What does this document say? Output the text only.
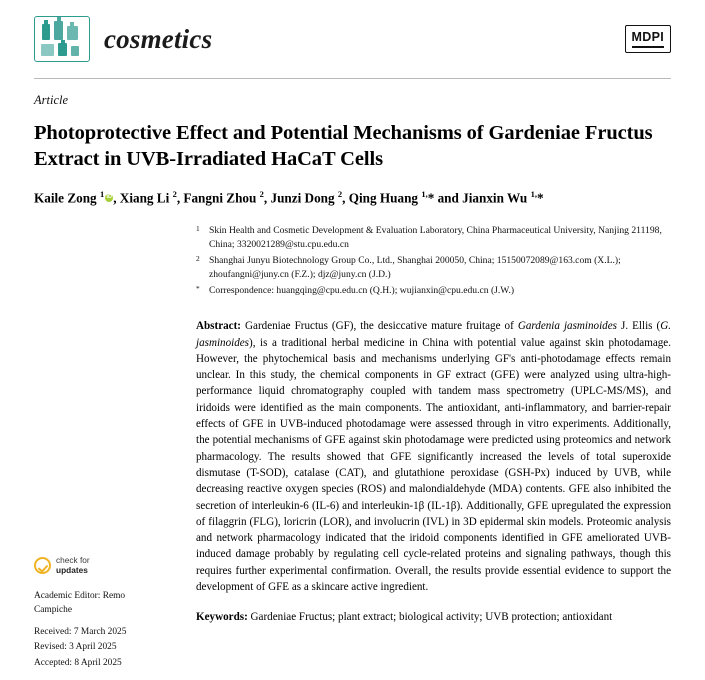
cosmetics	MDPI
Article
Photoprotective Effect and Potential Mechanisms of Gardeniae Fructus Extract in UVB-Irradiated HaCaT Cells
Kaile Zong $^1$ iD , Xiang Li $^2$, Fangni Zhou $^2$, Junzi Dong $^2$, Qing Huang $^{1,}$* and Jianxin Wu $^{1,}$*
$^1$ Skin Health and Cosmetic Development & Evaluation Laboratory, China Pharmaceutical University, Nanjing 211198, China; 3320021289@stu.cpu.edu.cn
$^2$ Shanghai Junyu Biotechnology Group Co., Ltd., Shanghai 200050, China; 15150072089@163.com (X.L.); zhoufangni@juny.cn (F.Z.); djz@juny.cn (J.D.)
* Correspondence: huangqing@cpu.edu.cn (Q.H.); wujianxin@cpu.edu.cn (J.W.)
Abstract: Gardeniae Fructus (GF), the desiccative mature fruitage of Gardenia jasminoides J. Ellis (G. jasminoides), is a traditional herbal medicine in China with potential value against skin photodamage. However, the phytochemical basis and mechanisms underlying GF's anti-photodamage effects remain unclear. In this study, the chemical components in GF extract (GFE) were analyzed using ultra-high-performance liquid chromatography coupled with tandem mass spectrometry (UPLC-MS/MS), and iridoids were identified as the main components. The antioxidant, anti-inflammatory, and barrier-repair effects of GFE in UVB-induced photodamage were assessed through in vitro experiments. Additionally, the potential mechanisms of GFE against skin photodamage were predicted using proteomics and network pharmacology. The results showed that GFE significantly increased the levels of total superoxide dismutase (T-SOD), catalase (CAT), and glutathione peroxidase (GSH-Px) induced by UVB, while decreasing reactive oxygen species (ROS) and malondialdehyde (MDA) contents. GFE also inhibited the secretion of interleukin-6 (IL-6) and interleukin-1β (IL-1β). Additionally, GFE upregulated the expression of filaggrin (FLG), loricrin (LOR), and involucrin (IVL) in 3D epidermal skin models. Proteomic analysis and network pharmacology indicated that the iridoid components identified in GFE ameliorated UVB-induced damage probably by regulating cell cycle-related proteins and signaling pathways, though this requires further experimental confirmation. Overall, the results provide essential evidence to support the development of GFE as a skincare active ingredient.
Keywords: Gardeniae Fructus; plant extract; biological activity; UVB protection; antioxidant
check for
updates
Academic Editor: Remo Campiche
Received: 7 March 2025
Revised: 3 April 2025
Accepted: 8 April 2025
